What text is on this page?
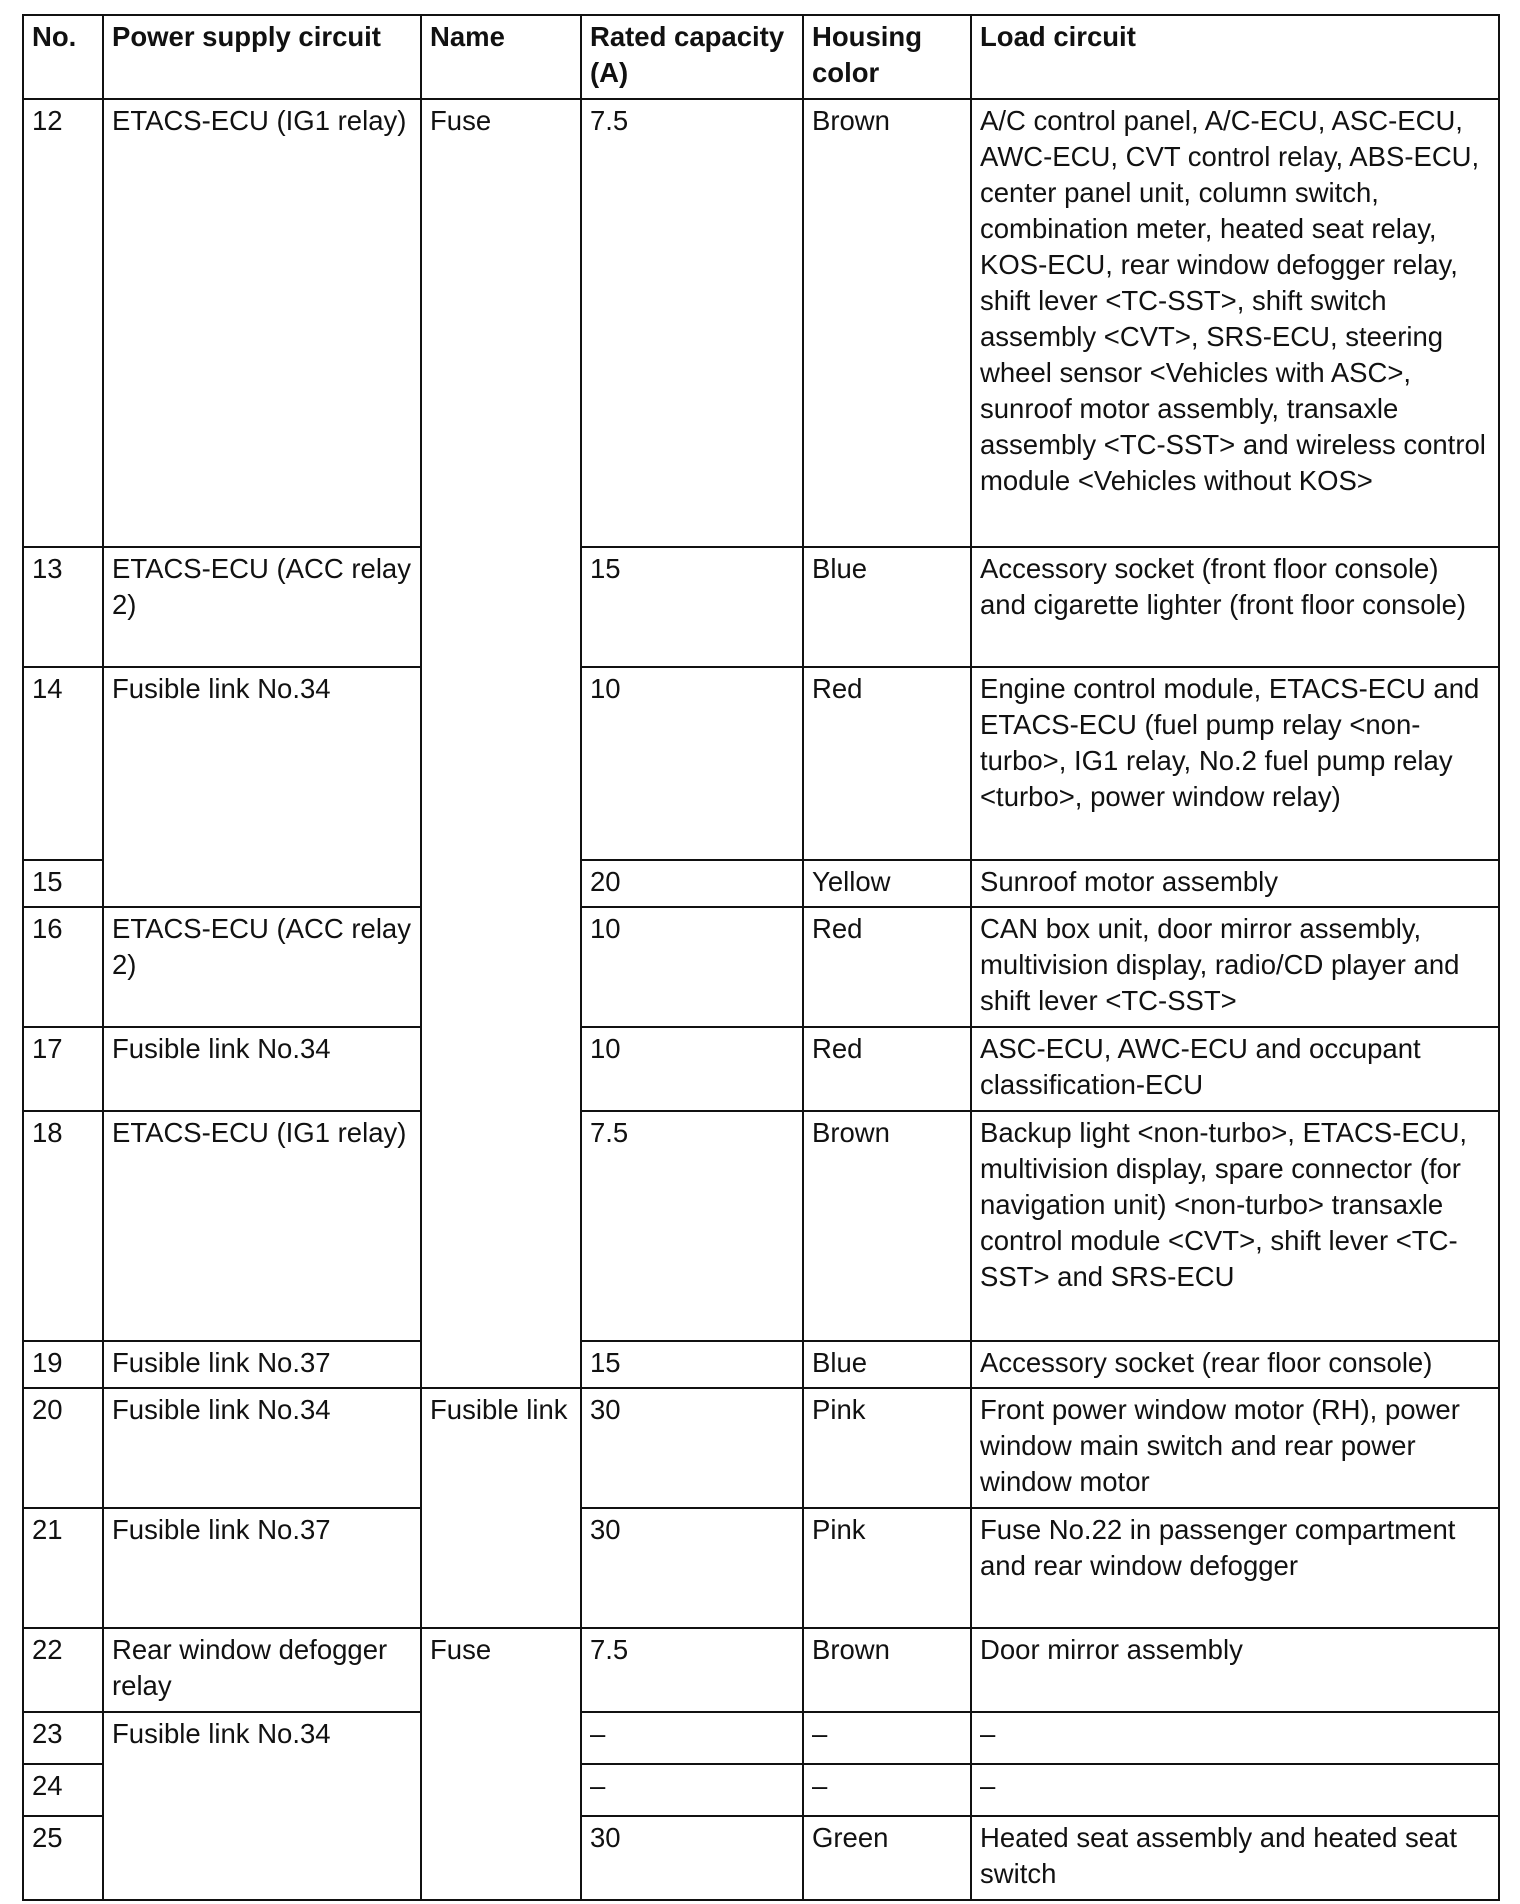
No.	Power supply circuit	Name	Rated capacity (A)	Housing color	Load circuit
12	ETACS-ECU (IG1 relay)	Fuse	7.5	Brown	A/C control panel, A/C-ECU, ASC-ECU, AWC-ECU, CVT control relay, ABS-ECU, center panel unit, column switch, combination meter, heated seat relay, KOS-ECU, rear window defogger relay, shift lever <TC-SST>, shift switch assembly <CVT>, SRS-ECU, steering wheel sensor <Vehicles with ASC>, sunroof motor assembly, transaxle assembly <TC-SST> and wireless control module <Vehicles without KOS>
13	ETACS-ECU (ACC relay 2)		15	Blue	Accessory socket (front floor console) and cigarette lighter (front floor console)
14	Fusible link No.34		10	Red	Engine control module, ETACS-ECU and ETACS-ECU (fuel pump relay <non-turbo>, IG1 relay, No.2 fuel pump relay <turbo>, power window relay)
15			20	Yellow	Sunroof motor assembly
16	ETACS-ECU (ACC relay 2)		10	Red	CAN box unit, door mirror assembly, multivision display, radio/CD player and shift lever <TC-SST>
17	Fusible link No.34		10	Red	ASC-ECU, AWC-ECU and occupant classification-ECU
18	ETACS-ECU (IG1 relay)		7.5	Brown	Backup light <non-turbo>, ETACS-ECU, multivision display, spare connector (for navigation unit) <non-turbo> transaxle control module <CVT>, shift lever <TC-SST> and SRS-ECU
19	Fusible link No.37		15	Blue	Accessory socket (rear floor console)
20	Fusible link No.34	Fusible link	30	Pink	Front power window motor (RH), power window main switch and rear power window motor
21	Fusible link No.37		30	Pink	Fuse No.22 in passenger compartment and rear window defogger
22	Rear window defogger relay	Fuse	7.5	Brown	Door mirror assembly
23	Fusible link No.34		–	–	–
24			–	–	–
25			30	Green	Heated seat assembly and heated seat switch
